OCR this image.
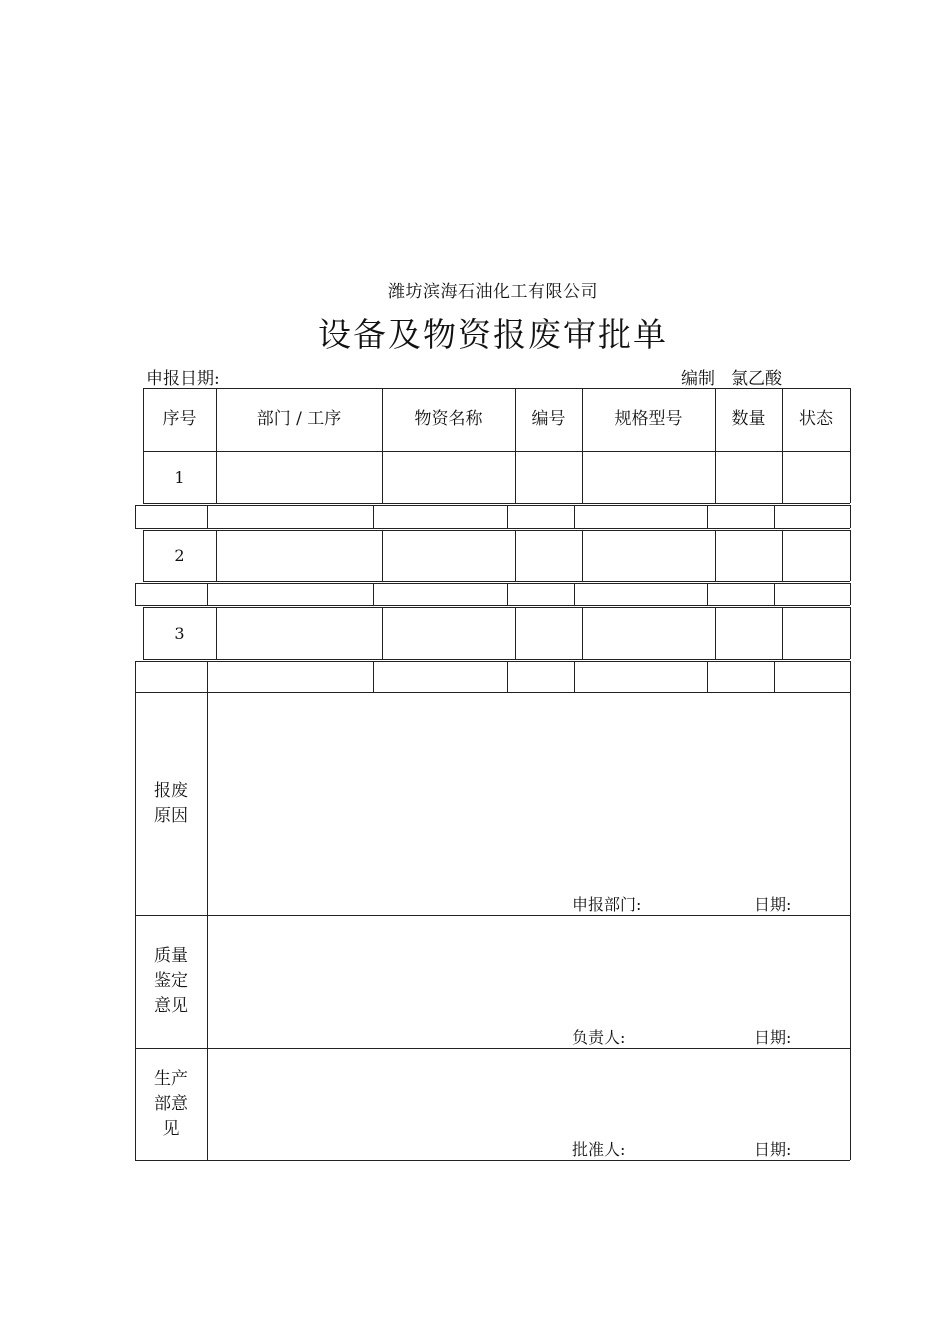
潍坊滨海石油化工有限公司
设备及物资报废审批单
申报日期:	编制 氯乙酸
序号	部门 / 工序	物资名称	编号	规格型号	数量	状态
1
2
3
报废
原因
申报部门:	日期:
质量
鉴定
意见
负责人:	日期:
生产
部意
见
批准人:	日期:
